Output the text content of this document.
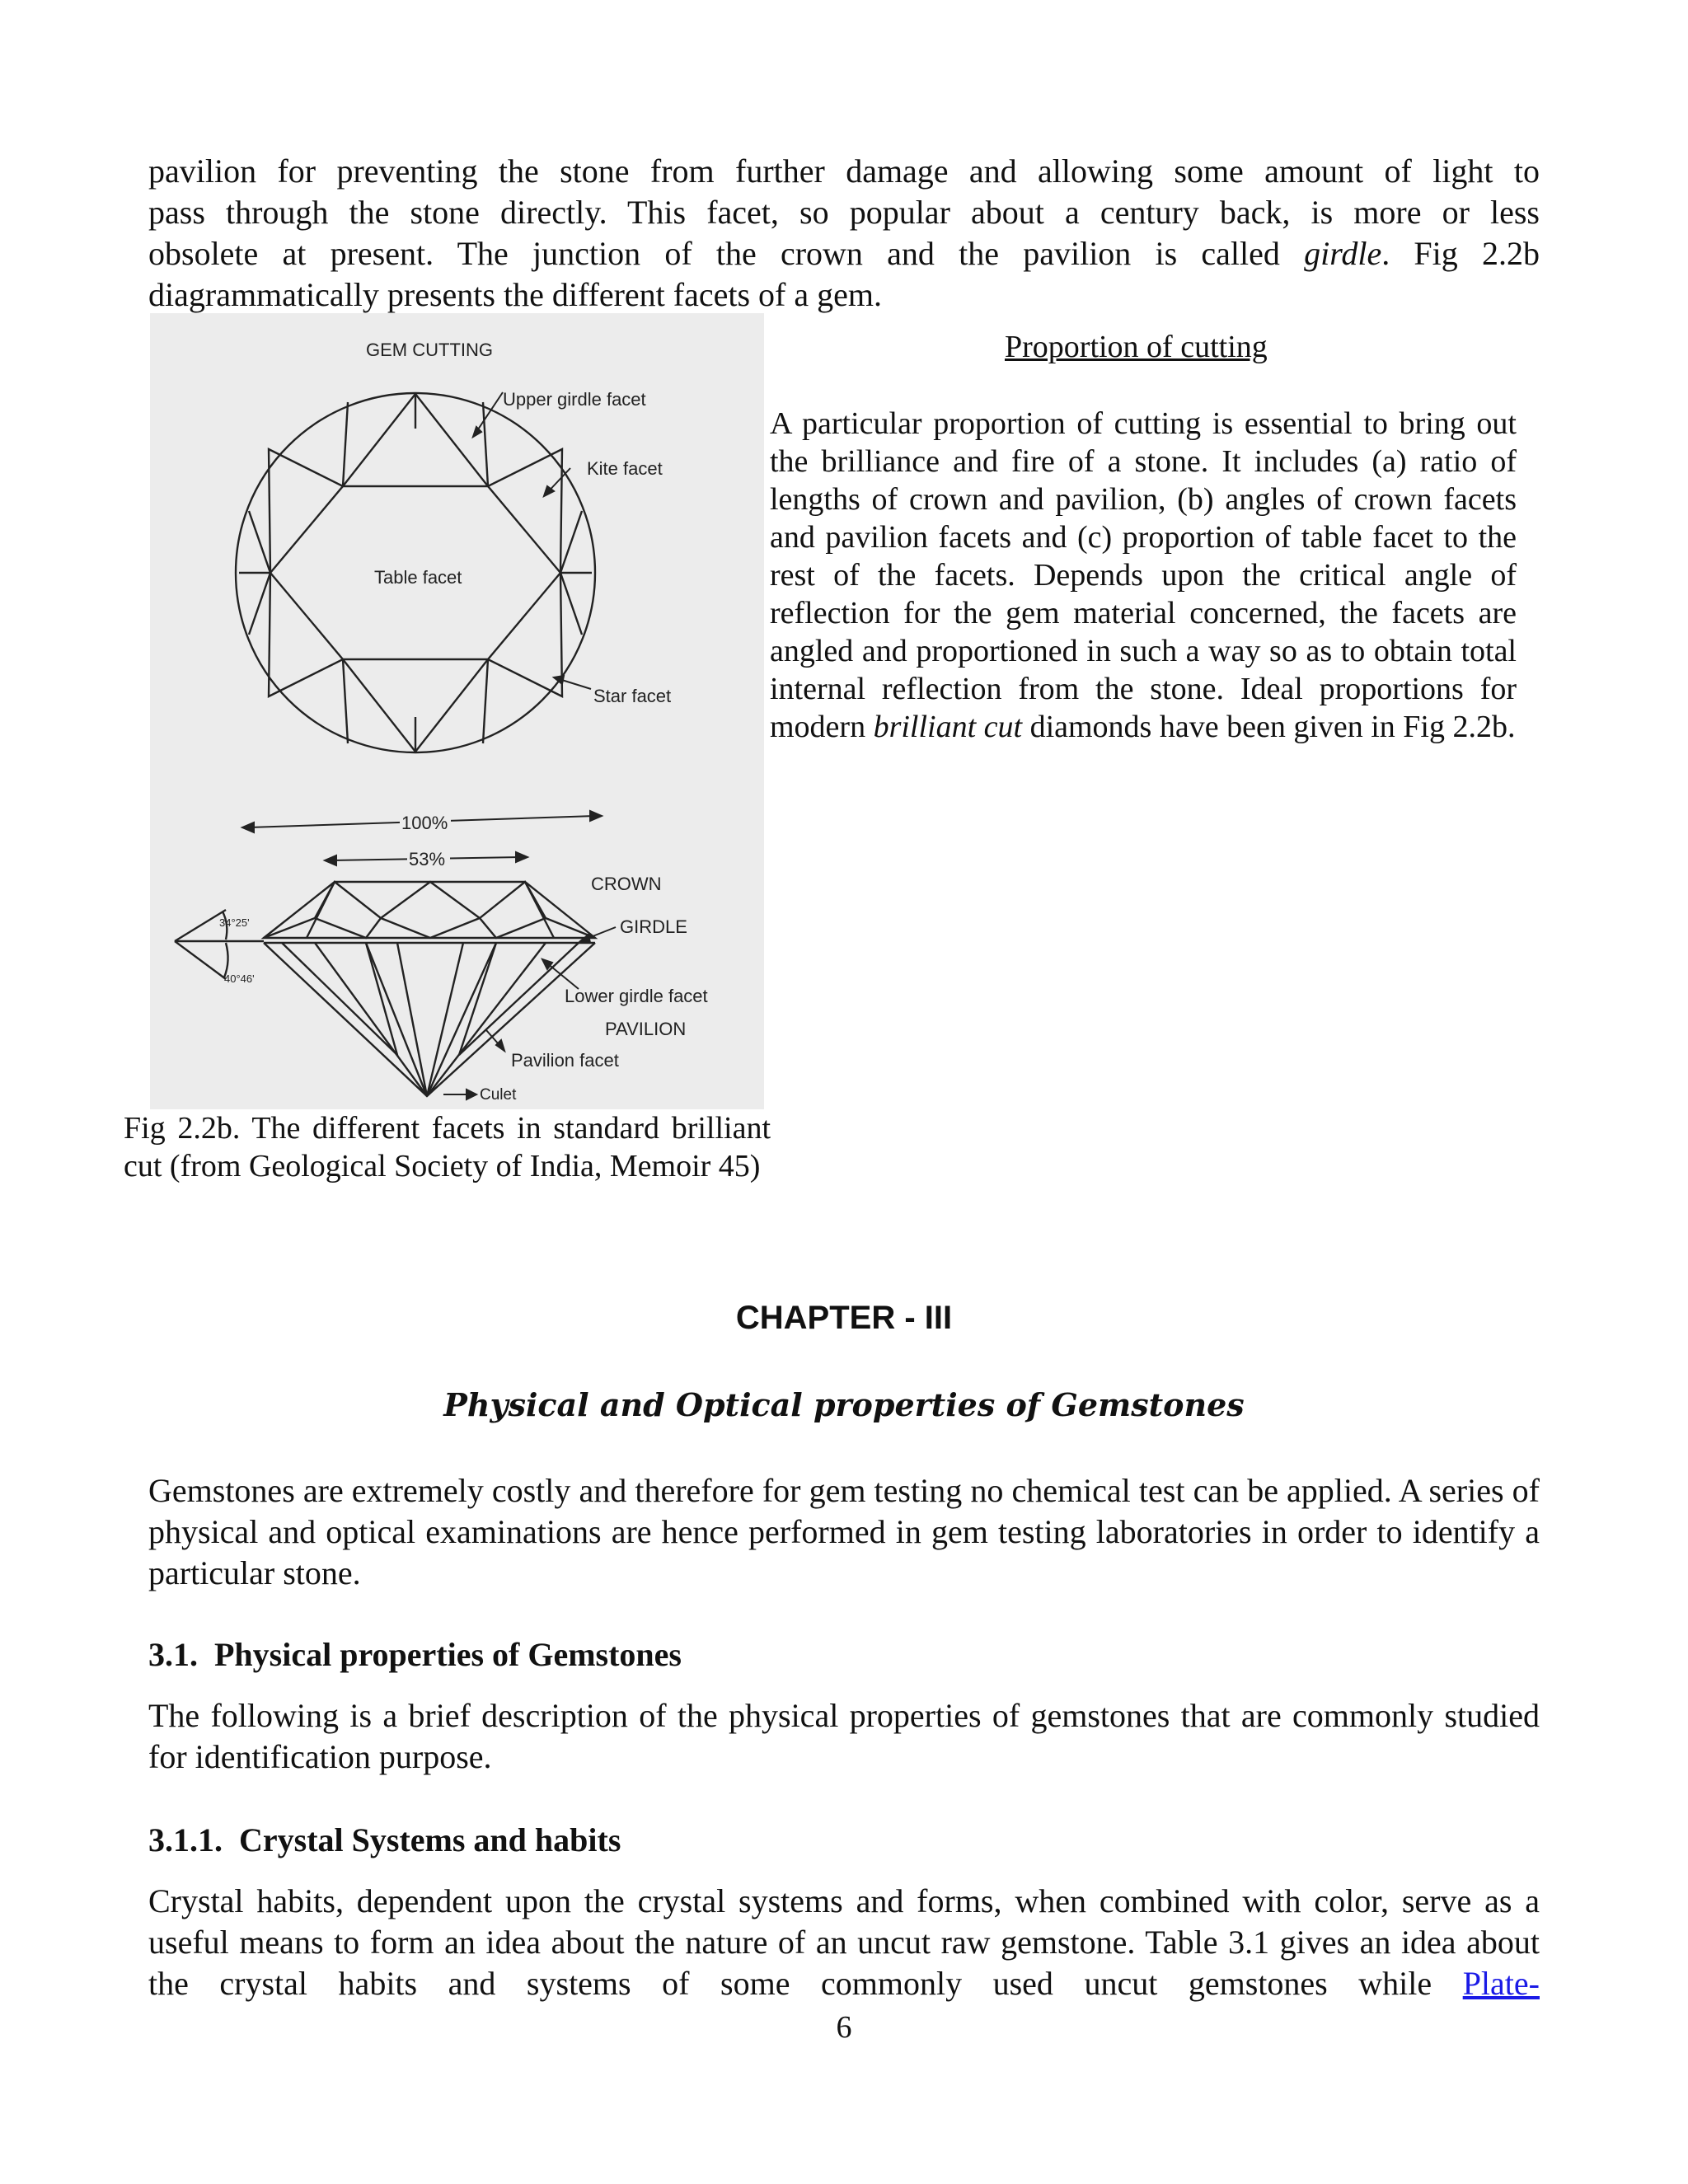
pavilion for preventing the stone from further damage and allowing some amount of light to
pass through the stone directly. This facet, so popular about a century back, is more or less
obsolete at present. The junction of the crown and the pavilion is called girdle. Fig 2.2b
diagrammatically presents the different facets of a gem.
GEM CUTTING
Upper girdle facet
Kite facet
Table facet
Star facet
100%
53%
34°25'
40°46'
CROWN
GIRDLE
Lower girdle facet
PAVILION
Pavilion facet
Culet
Fig 2.2b. The different facets in standard brilliant cut (from Geological Society of India, Memoir 45)
Proportion of cutting
A particular proportion of cutting is essential to bring out the brilliance and fire of a stone. It includes (a) ratio of lengths of crown and pavilion, (b) angles of crown facets and pavilion facets and (c) proportion of table facet to the rest of the facets. Depends upon the critical angle of reflection for the gem material concerned, the facets are angled and proportioned in such a way so as to obtain total internal reflection from the stone. Ideal proportions for modern brilliant cut diamonds have been given in Fig 2.2b.
CHAPTER - III
Physical and Optical properties of Gemstones

Gemstones are extremely costly and therefore for gem testing no chemical test can be applied. A series of physical and optical examinations are hence performed in gem testing laboratories in order to identify a particular stone.

3.1.  Physical properties of Gemstones

The following is a brief description of the physical properties of gemstones that are commonly studied for identification purpose.

3.1.1.  Crystal Systems and habits
Crystal habits, dependent upon the crystal systems and forms, when combined with color, serve as a useful means to form an idea about the nature of an uncut raw gemstone. Table 3.1 gives an idea about the crystal habits and systems of some commonly used uncut gemstones while Plate-
6
